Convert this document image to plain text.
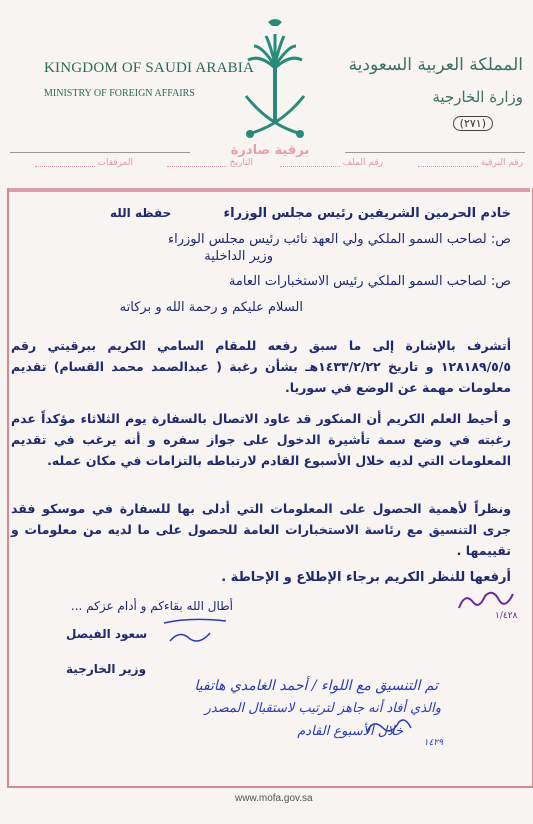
KINGDOM OF SAUDI ARABIA
MINISTRY OF FOREIGN AFFAIRS
المملكة العربية السعودية
وزارة الخارجية
(٢٧١)
برقية صادرة
رقم البرقية
رقم الملف
التاريخ
المرفقات
خادم الحرمين الشريفين رئيس مجلس الوزراء
حفظه الله
ص: لصاحب السمو الملكي ولي العهد نائب رئيس مجلس الوزراء
وزير الداخلية
ص: لصاحب السمو الملكي رئيس الاستخبارات العامة
السلام عليكم و رحمة الله و بركاته
أتشرف بالإشارة إلى ما سبق رفعه للمقام السامي الكريم ببرقيتي رقم ١٢٨١٨٩/٥/٥ و تاريخ ١٤٣٣/٢/٢٢هـ بشأن رغبة ( عبدالصمد محمد القسام) تقديم معلومات مهمة عن الوضع في سوريا.
و أحيط العلم الكريم أن المنكور قد عاود الاتصال بالسفارة يوم الثلاثاء مؤكداً عدم رغبته في وضع سمة تأشيرة الدخول على جواز سفره و أنه يرغب في تقديم المعلومات التي لديه خلال الأسبوع القادم لارتباطه بالتزامات في مكان عمله.
ونظراً لأهمية الحصول على المعلومات التي أدلى بها للسفارة في موسكو فقد جرى التنسيق مع رئاسة الاستخبارات العامة للحصول على ما لديه من معلومات و تقييمها .
أرفعها للنظر الكريم برجاء الإطلاع و الإحاطة .
أطال الله بقاءكم و أدام عزكم ...
سعود الفيصل
وزير الخارجية
١/٤٢٨
تم التنسيق مع اللواء / أحمد الغامدي هاتفيا
والذي أفاد أنه جاهز لترتيب لاستقبال المصدر
خلال الأسبوع القادم
١٤٢٩
www.mofa.gov.sa
